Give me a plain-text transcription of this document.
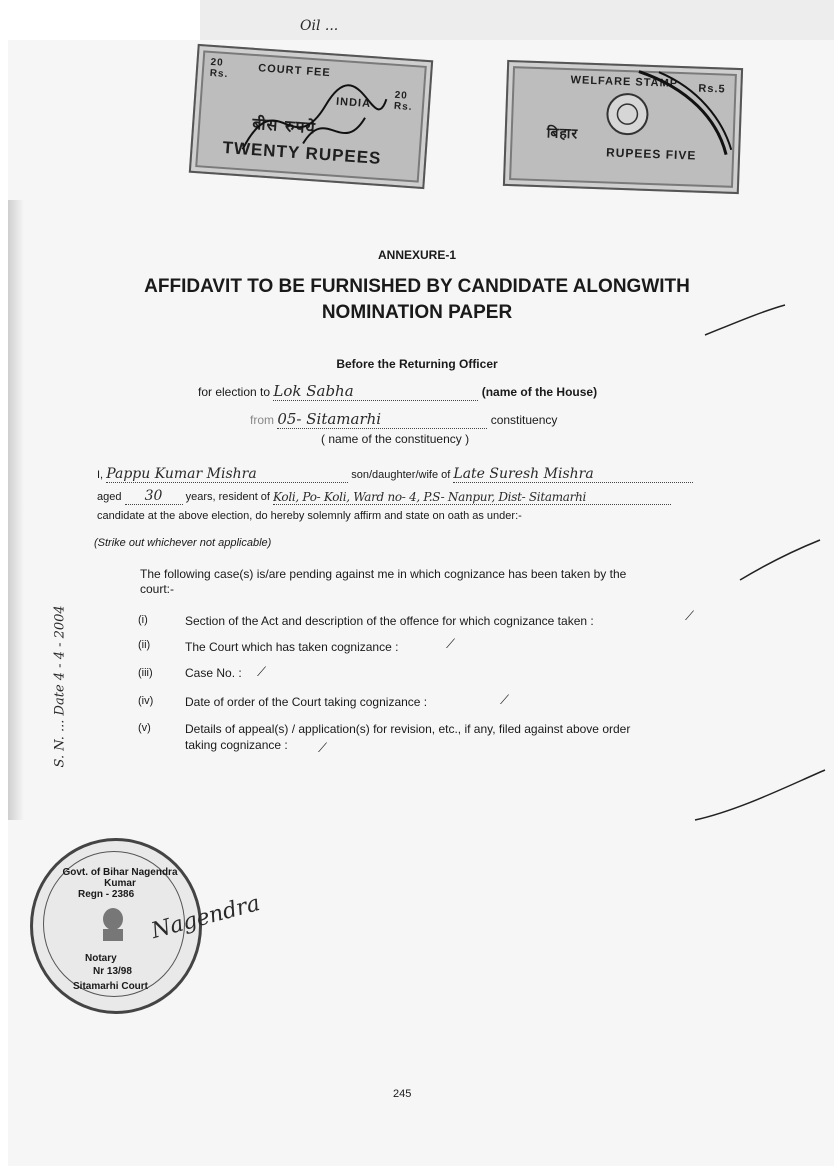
Oil ...
COURT FEE
20 Rs.
20 Rs.
INDIA
बीस रुपये
TWENTY RUPEES
WELFARE STAMP Rs.5
बिहार
RUPEES FIVE
ANNEXURE-1
AFFIDAVIT TO BE FURNISHED BY CANDIDATE ALONGWITH
NOMINATION PAPER
Before the Returning Officer
for election to Lok Sabha	(name of the House)
from 05- Sitamarhi	constituency
( name of the constituency )
I, Pappu Kumar Mishra	son/daughter/wife of Late Suresh Mishra
aged 30 years, resident of Koli, Po- Koli, Ward no- 4, P.S- Nanpur, Dist- Sitamarhi
candidate at the above election, do hereby solemnly affirm and state on oath as under:-
(Strike out whichever not applicable)
The following case(s) is/are pending against me in which cognizance has been taken by the
court:-
(i)	Section of the Act and description of the offence for which cognizance taken :	⟋
(ii)	The Court which has taken cognizance :	⟋
(iii)	Case No. : ⟋
(iv)	Date of order of the Court taking cognizance :	⟋
(v)	Details of appeal(s) / application(s) for revision, etc., if any, filed against above order
taking cognizance : ⟋
S. N. ... Date 4 - 4 - 2004
Govt. of Bihar Nagendra Kumar
Regn - 2386
Notary
Nr 13/98
Sitamarhi Court
Nagendra
245
